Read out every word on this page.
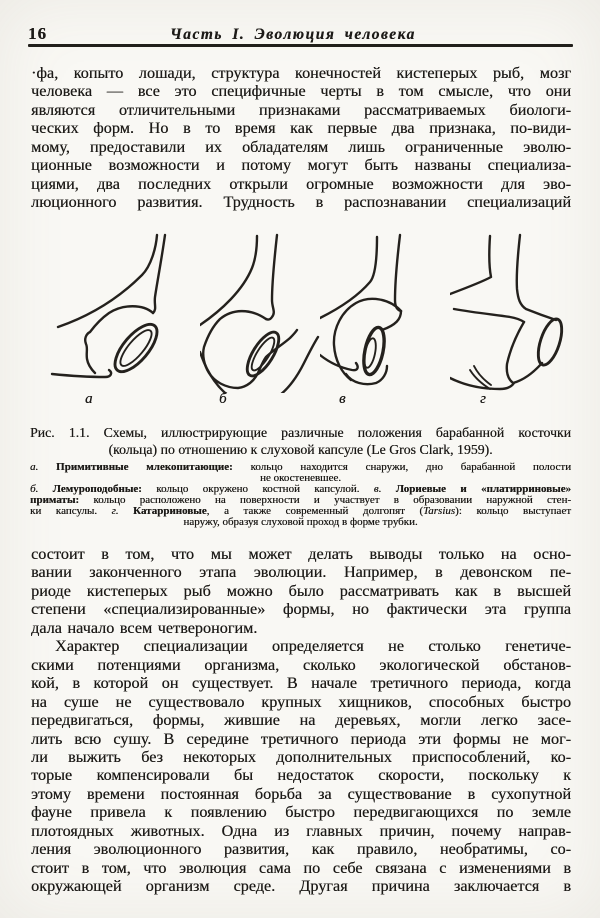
16	Часть I. Эволюция человека
·фа, копыто лошади, структура конечностей кистеперых рыб, мозг
человека — все это специфичные черты в том смысле, что они
являются отличительными признаками рассматриваемых биологи-
ческих форм. Но в то время как первые два признака, по-види-
мому, предоставили их обладателям лишь ограниченные эволю-
ционные возможности и потому могут быть названы специализа-
циями, два последних открыли огромные возможности для эво-
люционного развития. Трудность в распознавании специализаций
а	б	в	г
Рис. 1.1. Схемы, иллюстрирующие различные положения барабанной косточки
(кольца) по отношению к слуховой капсуле (Le Gros Clark, 1959).
а. Примитивные млекопитающие: кольцо находится снаружи, дно барабанной полости
не окостеневшее.
б. Лемуроподобные: кольцо окружено костной капсулой. в. Лориевые и «платирриновые»
приматы: кольцо расположено на поверхности и участвует в образовании наружной стен-
ки капсулы. г. Катарриновые, а также современный долгопят (Tarsius): кольцо выступает
наружу, образуя слуховой проход в форме трубки.
состоит в том, что мы может делать выводы только на осно-
вании законченного этапа эволюции. Например, в девонском пе-
риоде кистеперых рыб можно было рассматривать как в высшей
степени «специализированные» формы, но фактически эта группа
дала начало всем четвероногим.
Характер специализации определяется не столько генетиче-
скими потенциями организма, сколько экологической обстанов-
кой, в которой он существует. В начале третичного периода, когда
на суше не существовало крупных хищников, способных быстро
передвигаться, формы, жившие на деревьях, могли легко засе-
лить всю сушу. В середине третичного периода эти формы не мог-
ли выжить без некоторых дополнительных приспособлений, ко-
торые компенсировали бы недостаток скорости, поскольку к
этому времени постоянная борьба за существование в сухопутной
фауне привела к появлению быстро передвигающихся по земле
плотоядных животных. Одна из главных причин, почему направ-
ления эволюционного развития, как правило, необратимы, со-
стоит в том, что эволюция сама по себе связана с изменениями в
окружающей организм среде. Другая причина заключается в
